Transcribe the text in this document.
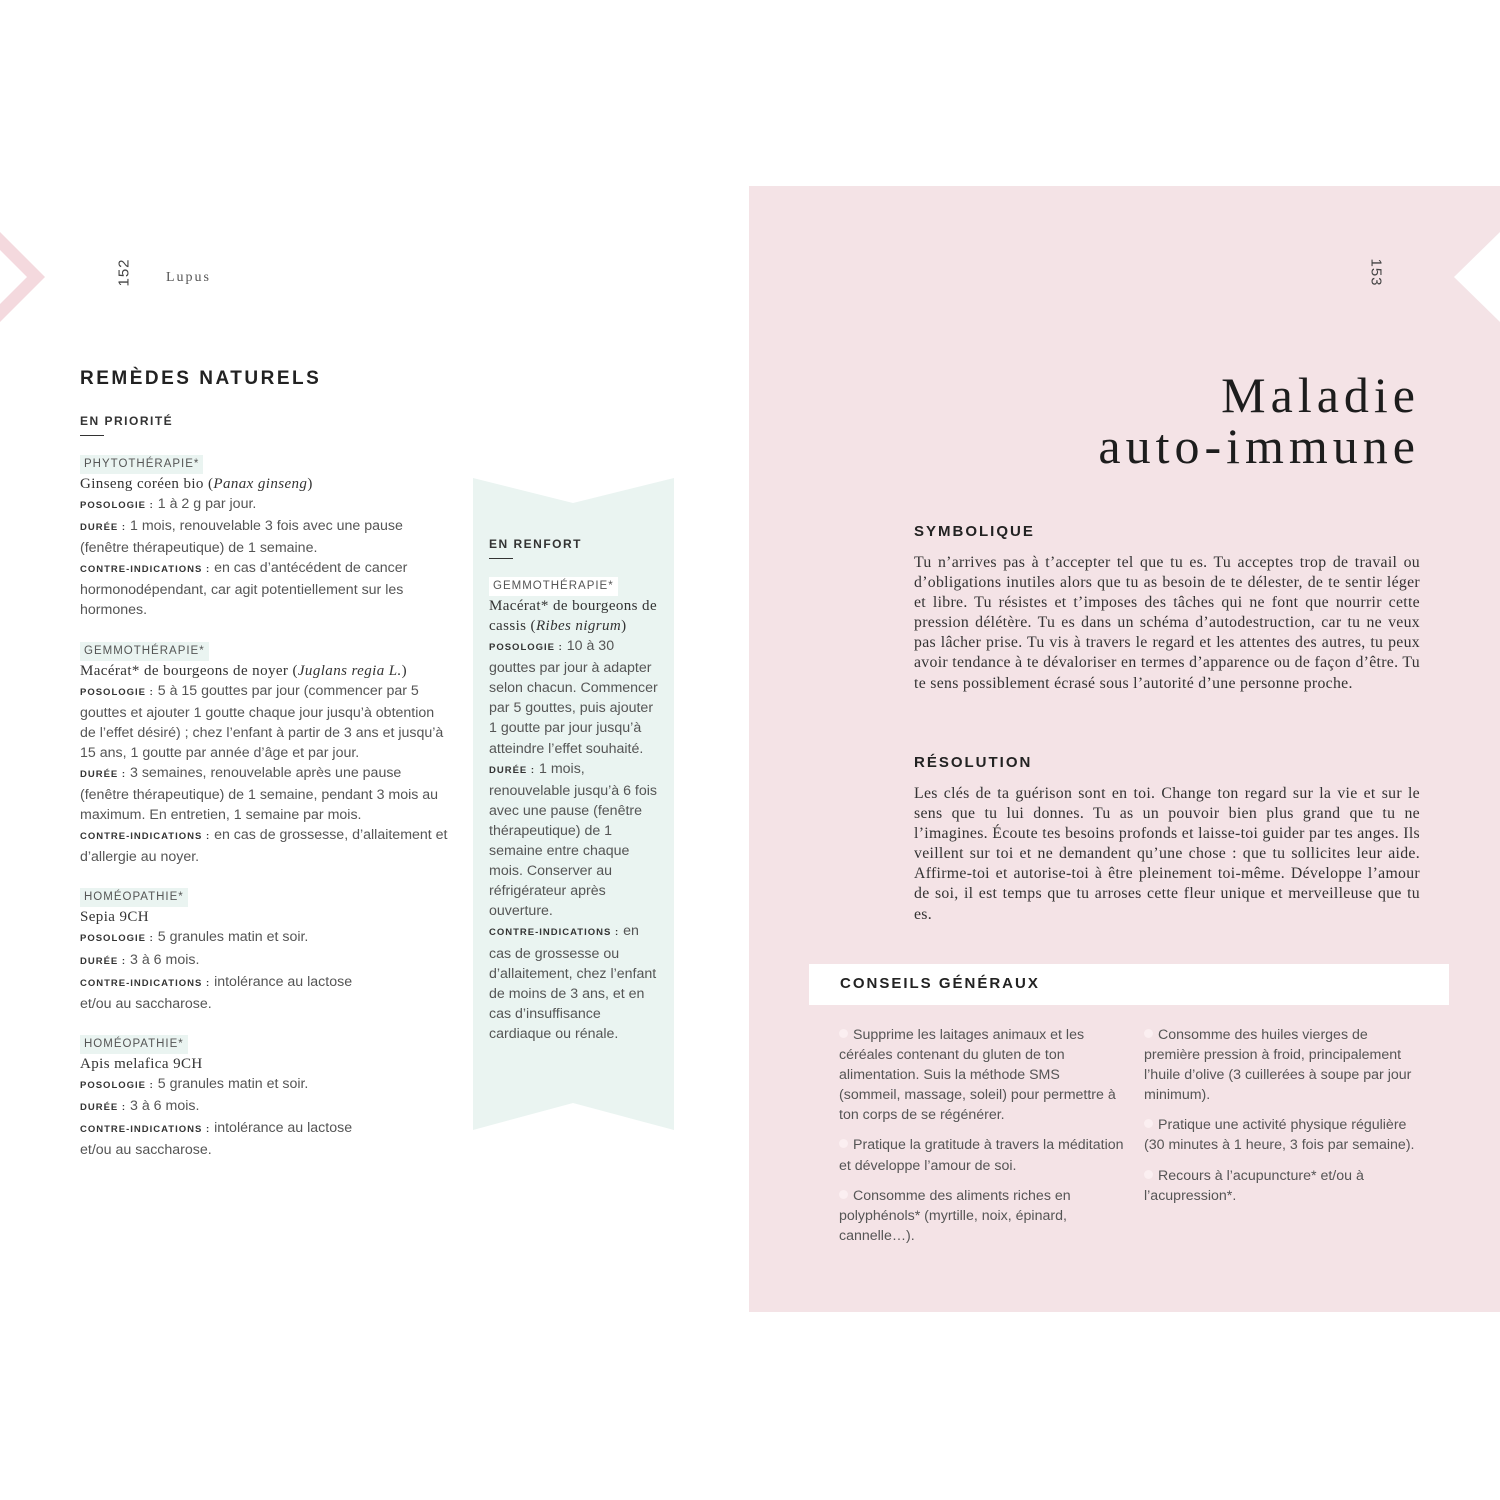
152 Lupus
REMÈDES NATURELS
EN PRIORITÉ
PHYTOTHÉRAPIE*
Ginseng coréen bio (Panax ginseng)

POSOLOGIE : 1 à 2 g par jour.

DURÉE : 1 mois, renouvelable 3 fois avec une pause (fenêtre thérapeutique) de 1 semaine.

CONTRE-INDICATIONS : en cas d’antécédent de cancer hormonodépendant, car agit potentiellement sur les hormones.

GEMMOTHÉRAPIE*
Macérat* de bourgeons de noyer (Juglans regia L.)

POSOLOGIE : 5 à 15 gouttes par jour (commencer par 5 gouttes et ajouter 1 goutte chaque jour jusqu’à obtention de l’effet désiré) ; chez l’enfant à partir de 3 ans et jusqu’à 15 ans, 1 goutte par année d’âge et par jour.

DURÉE : 3 semaines, renouvelable après une pause (fenêtre thérapeutique) de 1 semaine, pendant 3 mois au maximum. En entretien, 1 semaine par mois.

CONTRE-INDICATIONS : en cas de grossesse, d’allaitement et d’allergie au noyer.

HOMÉOPATHIE*
Sepia 9CH

POSOLOGIE : 5 granules matin et soir.

DURÉE : 3 à 6 mois.

CONTRE-INDICATIONS : intolérance au lactose et/ou au saccharose.

HOMÉOPATHIE*
Apis melafica 9CH

POSOLOGIE : 5 granules matin et soir.

DURÉE : 3 à 6 mois.

CONTRE-INDICATIONS : intolérance au lactose et/ou au saccharose.

EN RENFORT
GEMMOTHÉRAPIE*
Macérat* de bourgeons de cassis (Ribes nigrum)

POSOLOGIE : 10 à 30 gouttes par jour à adapter selon chacun. Commencer par 5 gouttes, puis ajouter 1 goutte par jour jusqu’à atteindre l’effet souhaité.

DURÉE : 1 mois, renouvelable jusqu’à 6 fois avec une pause (fenêtre thérapeutique) de 1 semaine entre chaque mois. Conserver au réfrigérateur après ouverture.

CONTRE-INDICATIONS : en cas de grossesse ou d’allaitement, chez l’enfant de moins de 3 ans, et en cas d’insuffisance cardiaque ou rénale.

153
Maladie
auto-immune
SYMBOLIQUE
Tu n’arrives pas à t’accepter tel que tu es. Tu acceptes trop de travail ou d’obligations inutiles alors que tu as besoin de te délester, de te sentir léger et libre. Tu résistes et t’imposes des tâches qui ne font que nourrir cette pression délétère. Tu es dans un schéma d’autodestruction, car tu ne veux pas lâcher prise. Tu vis à travers le regard et les attentes des autres, tu peux avoir tendance à te dévaloriser en termes d’apparence ou de façon d’être. Tu te sens possiblement écrasé sous l’autorité d’une personne proche.
RÉSOLUTION
Les clés de ta guérison sont en toi. Change ton regard sur la vie et sur le sens que tu lui donnes. Tu as un pouvoir bien plus grand que tu ne l’imagines. Écoute tes besoins profonds et laisse-toi guider par tes anges. Ils veillent sur toi et ne demandent qu’une chose : que tu sollicites leur aide. Affirme-toi et autorise-toi à être pleinement toi-même. Développe l’amour de soi, il est temps que tu arroses cette fleur unique et merveilleuse que tu es.
CONSEILS GÉNÉRAUX
Supprime les laitages animaux et les céréales contenant du gluten de ton alimentation. Suis la méthode SMS (sommeil, massage, soleil) pour permettre à ton corps de se régénérer.
Pratique la gratitude à travers la méditation et développe l’amour de soi.
Consomme des aliments riches en polyphénols* (myrtille, noix, épinard, cannelle…).
Consomme des huiles vierges de première pression à froid, principalement l’huile d’olive (3 cuillerées à soupe par jour minimum).
Pratique une activité physique régulière (30 minutes à 1 heure, 3 fois par semaine).
Recours à l’acupuncture* et/ou à l’acupression*.
